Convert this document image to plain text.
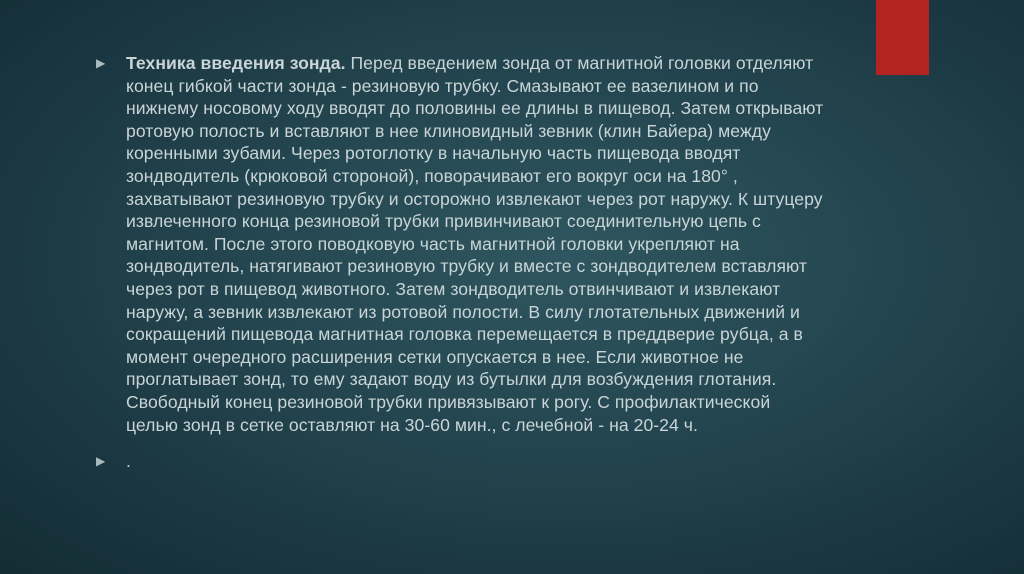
▶ Техника введения зонда. Перед введением зонда от магнитной головки отделяют конец гибкой части зонда - резиновую трубку. Смазывают ее вазелином и по нижнему носовому ходу вводят до половины ее длины в пищевод. Затем открывают ротовую полость и вставляют в нее клиновидный зевник (клин Байера) между коренными зубами. Через ротоглотку в начальную часть пищевода вводят зондводитель (крюковой стороной), поворачивают его вокруг оси на 180° , захватывают резиновую трубку и осторожно извлекают через рот наружу. К штуцеру извлеченного конца резиновой трубки привинчивают соединительную цепь с магнитом. После этого поводковую часть магнитной головки укрепляют на зондводитель, натягивают резиновую трубку и вместе с зондводителем вставляют через рот в пищевод животного. Затем зондводитель отвинчивают и извлекают наружу, а зевник извлекают из ротовой полости. В силу глотательных движений и сокращений пищевода магнитная головка перемещается в преддверие рубца, а в момент очередного расширения сетки опускается в нее. Если животное не проглатывает зонд, то ему задают воду из бутылки для возбуждения глотания. Свободный конец резиновой трубки привязывают к рогу. С профилактической целью зонд в сетке оставляют на 30-60 мин., с лечебной - на 20-24 ч.
▶ .
